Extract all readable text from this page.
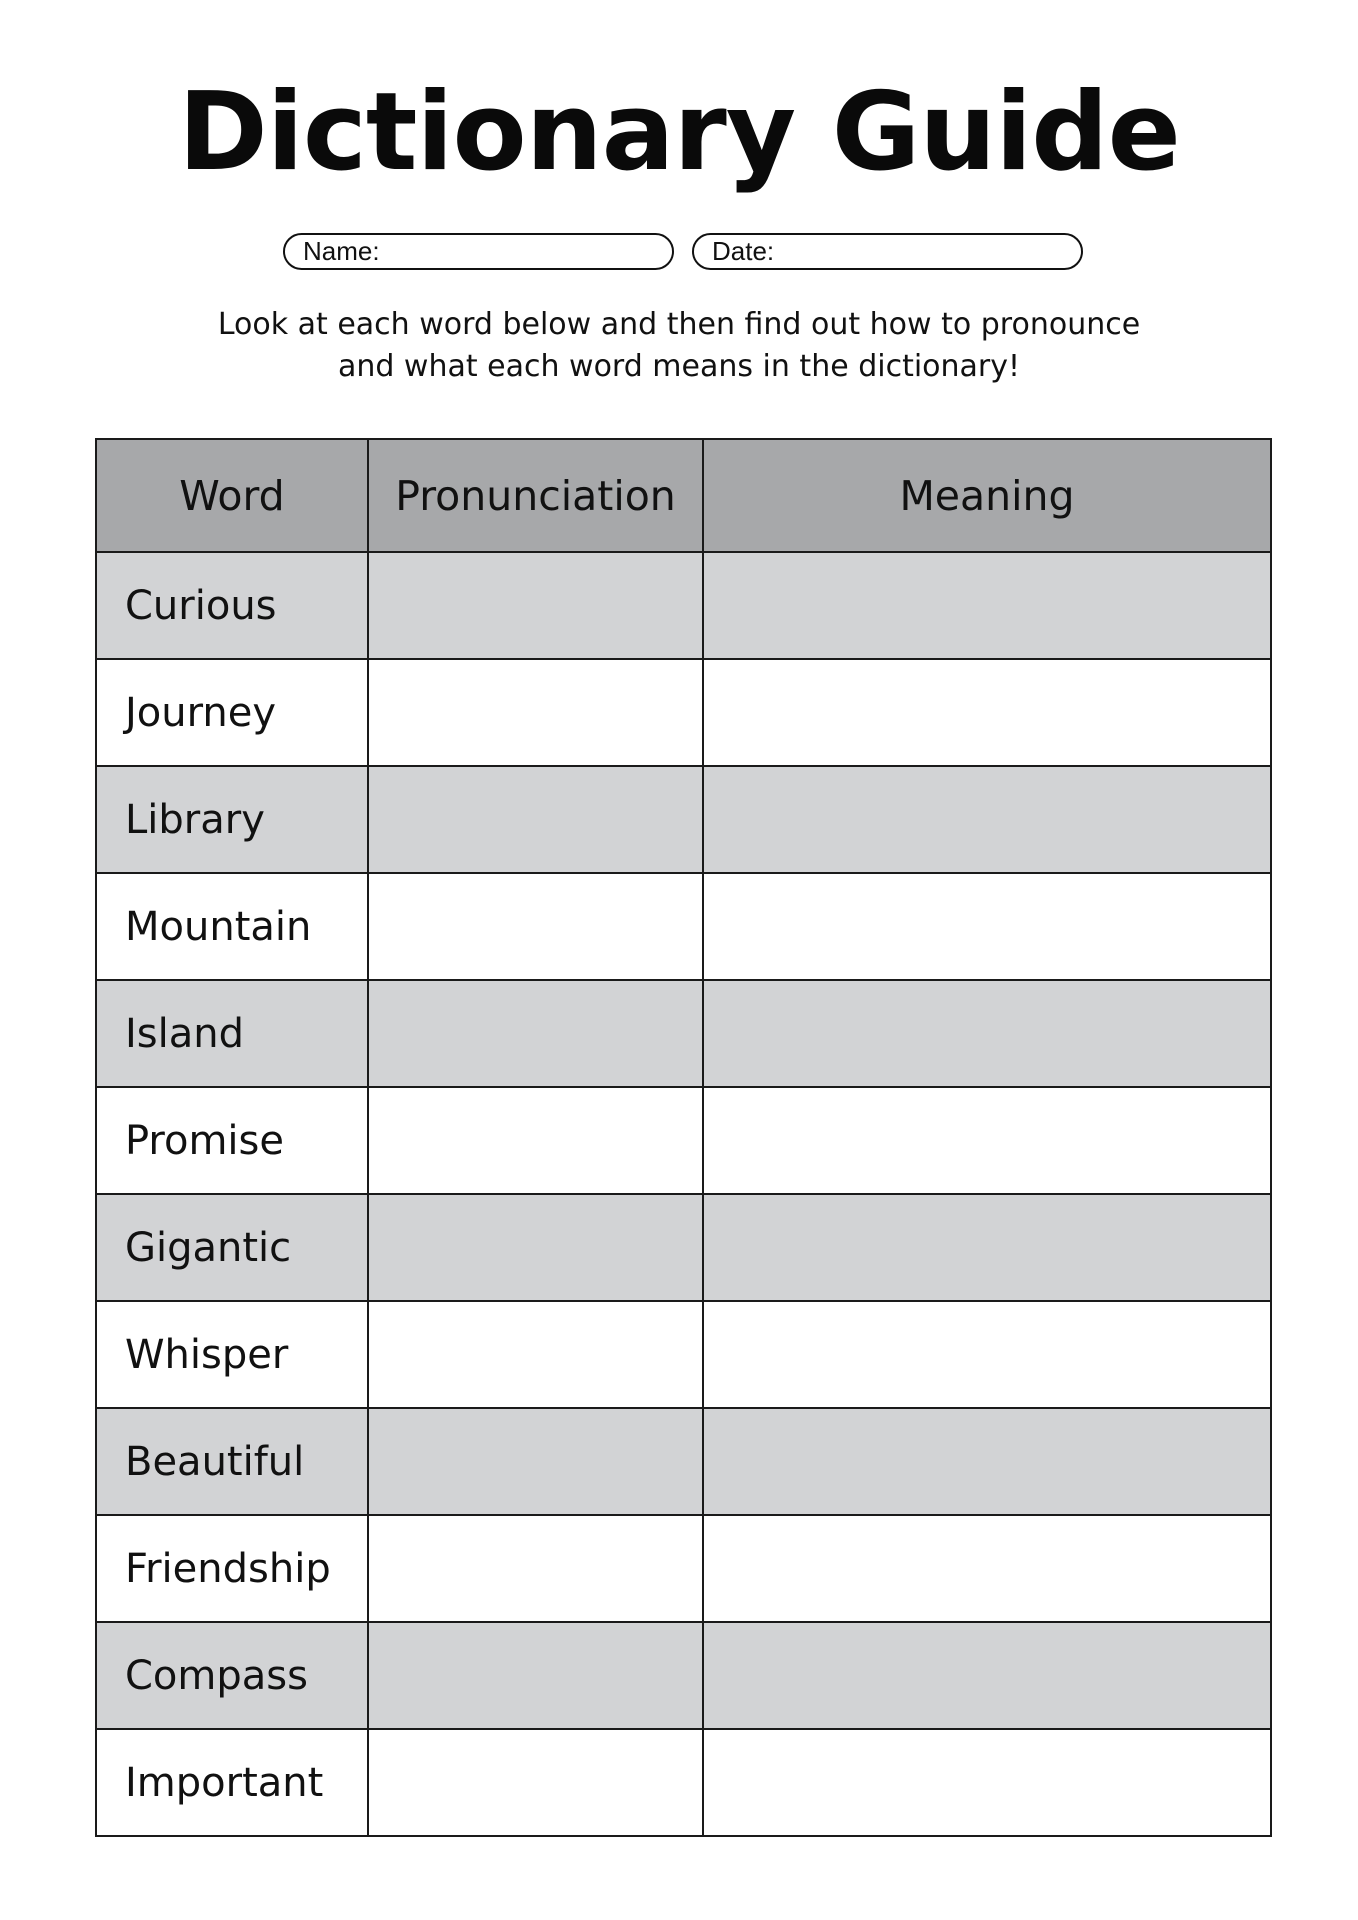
Dictionary Guide
Name:	Date:
Look at each word below and then find out how to pronounce
and what each word means in the dictionary!
Word	Pronunciation	Meaning
Curious		
Journey		
Library		
Mountain		
Island		
Promise		
Gigantic		
Whisper		
Beautiful		
Friendship		
Compass		
Important		
